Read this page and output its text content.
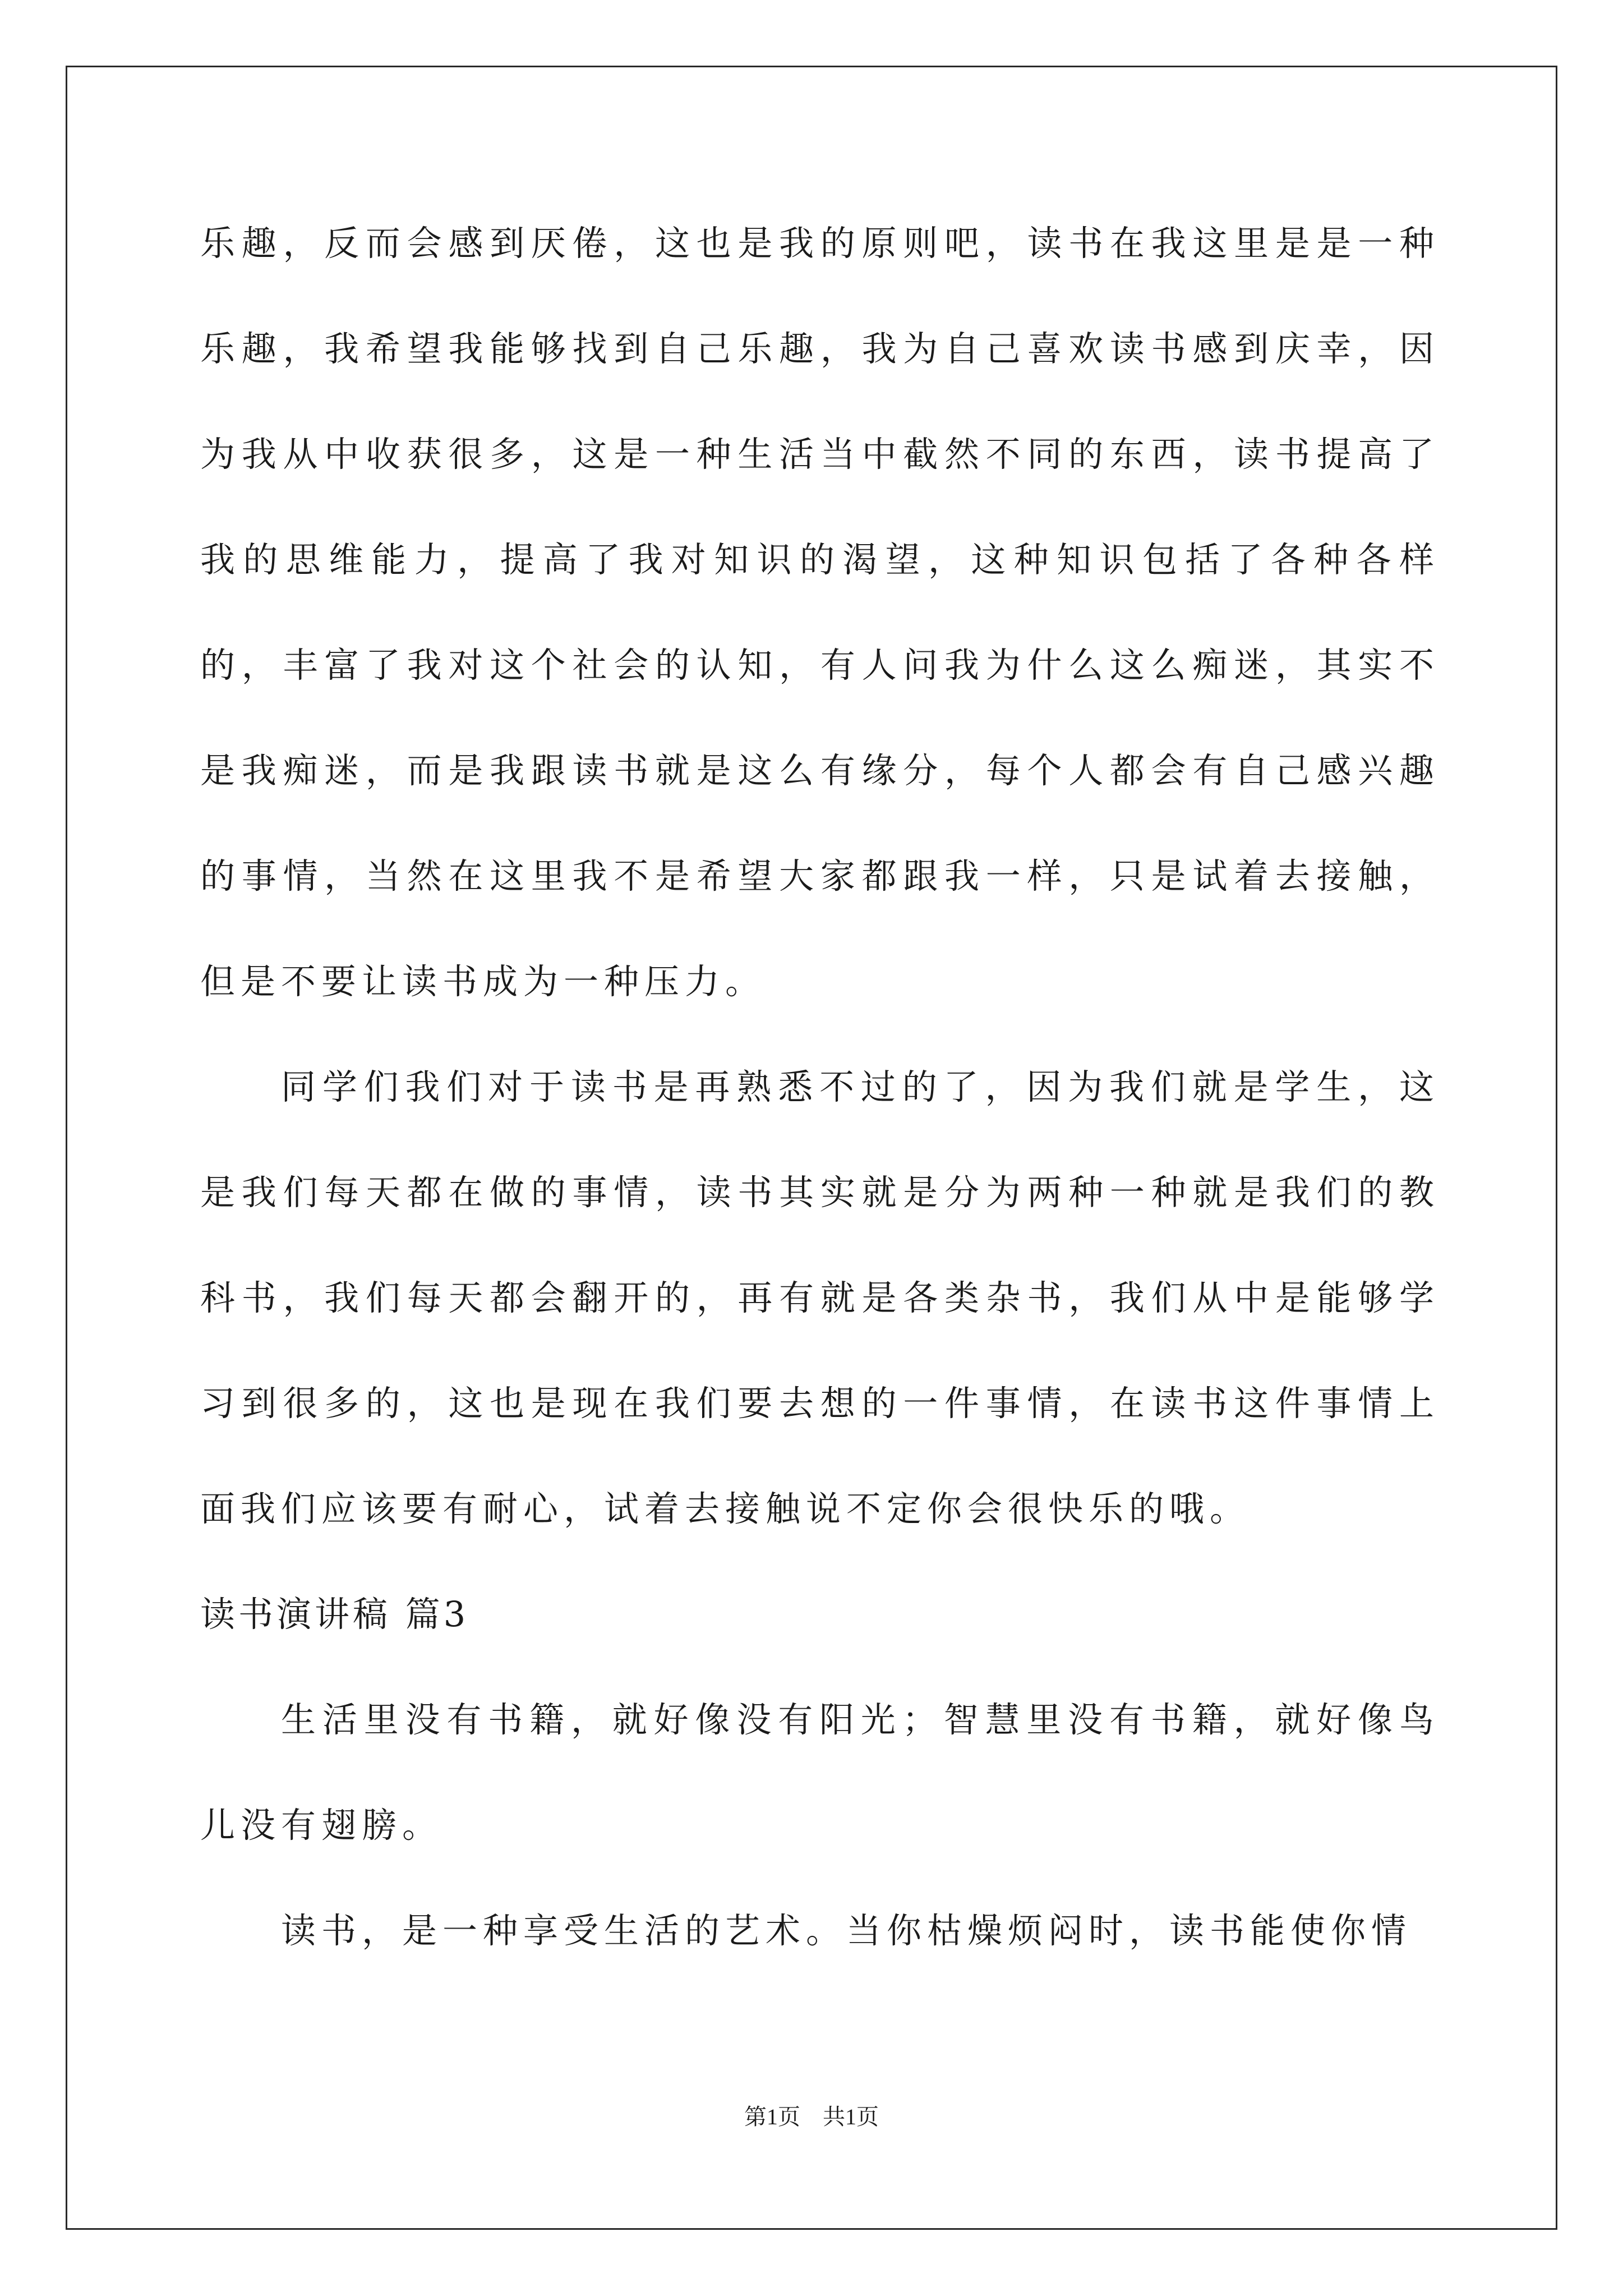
乐趣，反而会感到厌倦，这也是我的原则吧，读书在我这里是是一种乐趣，我希望我能够找到自己乐趣，我为自己喜欢读书感到庆幸，因为我从中收获很多，这是一种生活当中截然不同的东西，读书提高了我的思维能力，提高了我对知识的渴望，这种知识包括了各种各样的，丰富了我对这个社会的认知，有人问我为什么这么痴迷，其实不是我痴迷，而是我跟读书就是这么有缘分，每个人都会有自己感兴趣的事情，当然在这里我不是希望大家都跟我一样，只是试着去接触，但是不要让读书成为一种压力。

同学们我们对于读书是再熟悉不过的了，因为我们就是学生，这是我们每天都在做的事情，读书其实就是分为两种一种就是我们的教科书，我们每天都会翻开的，再有就是各类杂书，我们从中是能够学习到很多的，这也是现在我们要去想的一件事情，在读书这件事情上面我们应该要有耐心，试着去接触说不定你会很快乐的哦。

读书演讲稿 篇3

生活里没有书籍，就好像没有阳光；智慧里没有书籍，就好像鸟儿没有翅膀。

读书，是一种享受生活的艺术。当你枯燥烦闷时，读书能使你情

第1页　共1页
